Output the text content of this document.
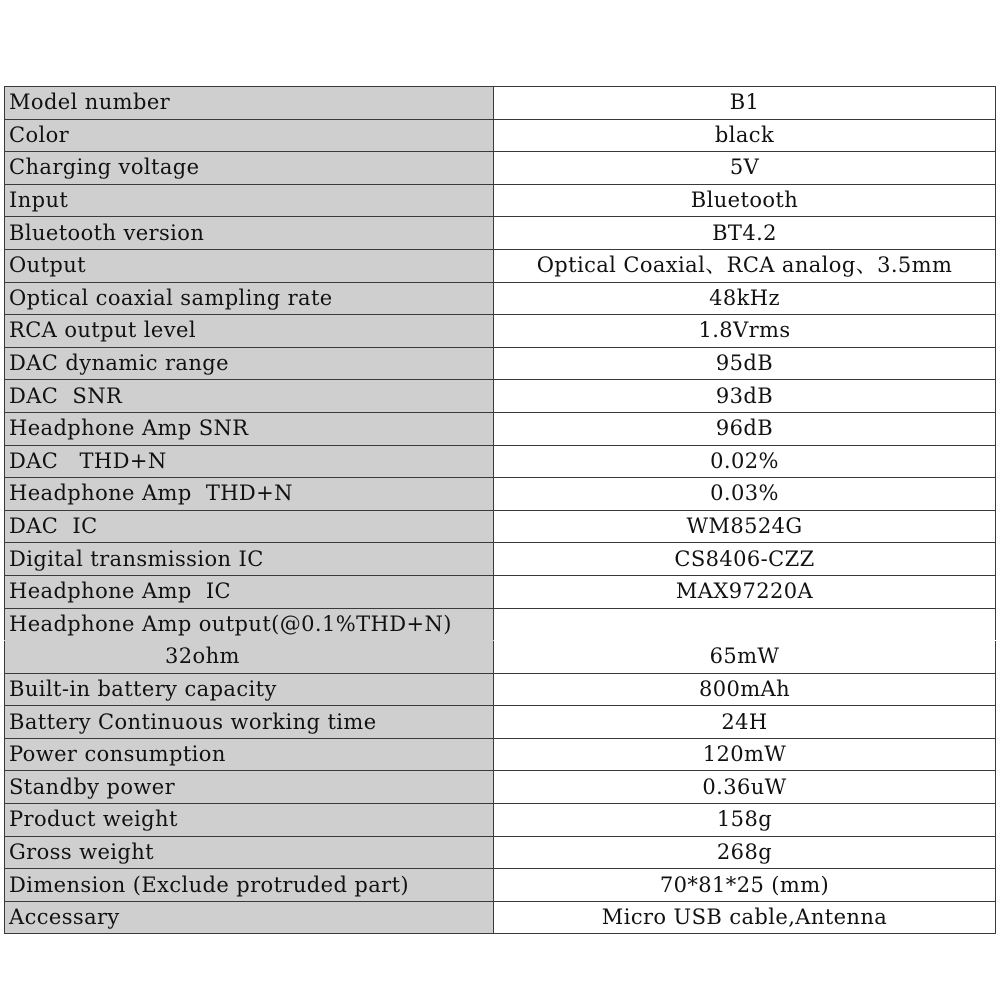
Model number	B1
Color	black
Charging voltage	5V
Input	Bluetooth
Bluetooth version	BT4.2
Output	Optical Coaxial、RCA analog、3.5mm
Optical coaxial sampling rate	48kHz
RCA output level	1.8Vrms
DAC dynamic range	95dB
DAC  SNR	93dB
Headphone Amp SNR	96dB
DAC   THD+N	0.02%
Headphone Amp  THD+N	0.03%
DAC  IC	WM8524G
Digital transmission IC	CS8406-CZZ
Headphone Amp  IC	MAX97220A
Headphone Amp output(@0.1%THD+N)	
32ohm	65mW
Built-in battery capacity	800mAh
Battery Continuous working time	24H
Power consumption	120mW
Standby power	0.36uW
Product weight	158g
Gross weight	268g
Dimension (Exclude protruded part)	70*81*25 (mm)
Accessary	Micro USB cable,Antenna
